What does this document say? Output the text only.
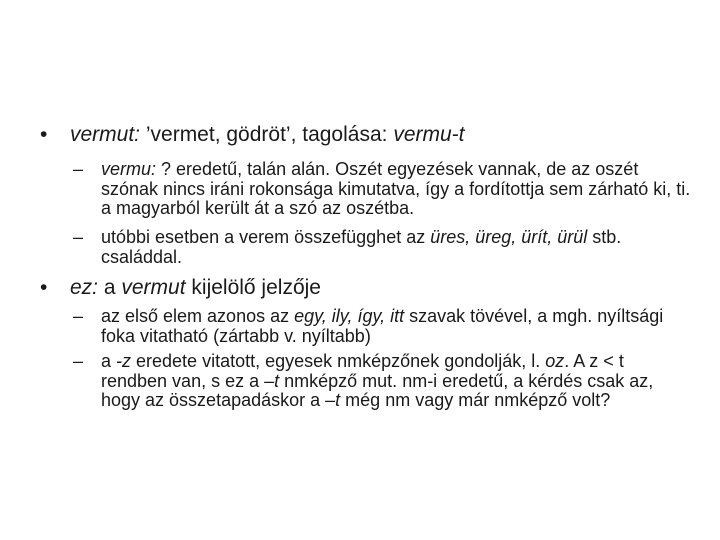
•	vermut: ’vermet, gödröt’, tagolása: vermu-t
– vermu: ? eredetű, talán alán. Oszét egyezések vannak, de az oszét szónak nincs iráni rokonsága kimutatva, így a fordítottja sem zárható ki, ti. a magyarból került át a szó az oszétba.
– utóbbi esetben a verem összefügghet az üres, üreg, ürít, ürül stb. családdal.
•	ez: a vermut kijelölő jelzője
– az első elem azonos az egy, ily, így, itt szavak tövével, a mgh. nyíltsági foka vitatható (zártabb v. nyíltabb)
– a -z eredete vitatott, egyesek nmképzőnek gondolják, l. oz. A z < t rendben van, s ez a –t nmképző mut. nm-i eredetű, a kérdés csak az, hogy az összetapadáskor a –t még nm vagy már nmképző volt?
